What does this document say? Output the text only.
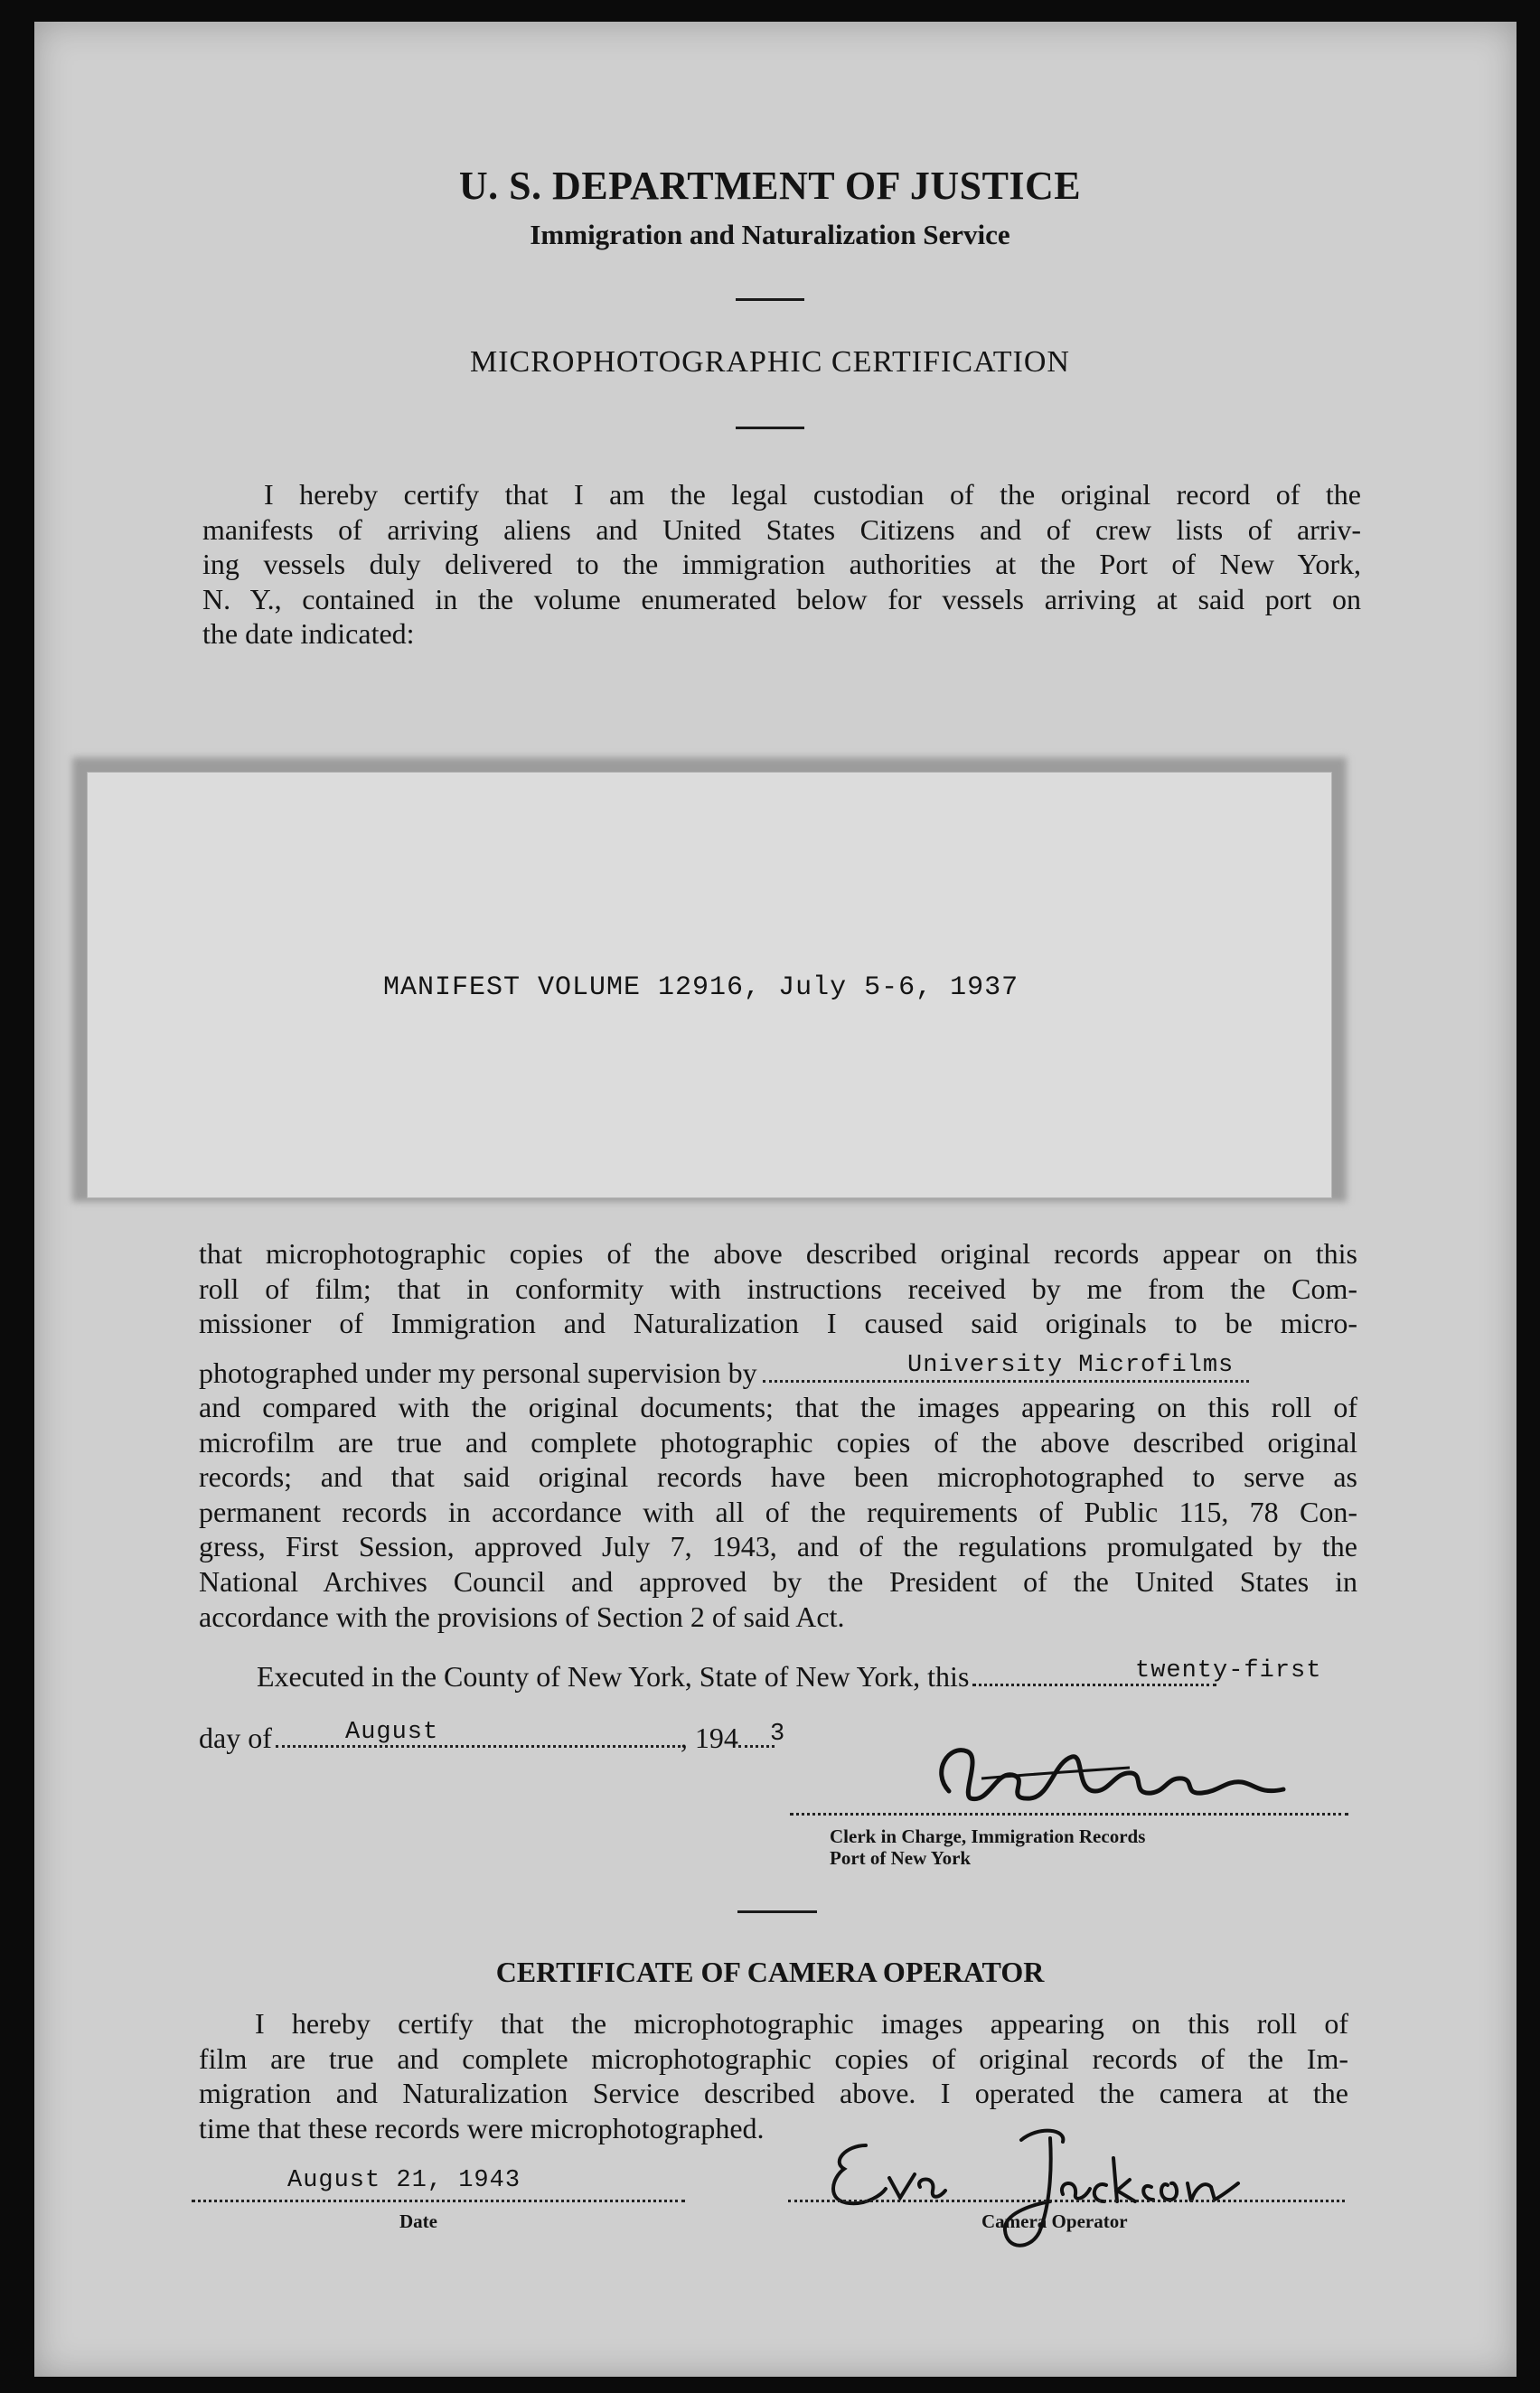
U. S. DEPARTMENT OF JUSTICE
Immigration and Naturalization Service
MICROPHOTOGRAPHIC CERTIFICATION
I hereby certify that I am the legal custodian of the original record of the
manifests of arriving aliens and United States Citizens and of crew lists of arriv-
ing vessels duly delivered to the immigration authorities at the Port of New York,
N. Y., contained in the volume enumerated below for vessels arriving at said port on
the date indicated:
MANIFEST VOLUME 12916, July 5-6, 1937
that microphotographic copies of the above described original records appear on this
roll of film; that in conformity with instructions received by me from the Com-
missioner of Immigration and Naturalization I caused said originals to be micro-
photographed under my personal supervision by	University Microfilms
and compared with the original documents; that the images appearing on this roll of
microfilm are true and complete photographic copies of the above described original
records; and that said original records have been microphotographed to serve as
permanent records in accordance with all of the requirements of Public 115, 78 Con-
gress, First Session, approved July 7, 1943, and of the regulations promulgated by the
National Archives Council and approved by the President of the United States in
accordance with the provisions of Section 2 of said Act.
Executed in the County of New York, State of New York, this	twenty-first
day of	, 194
August	3
Clerk in Charge, Immigration Records
Port of New York
CERTIFICATE OF CAMERA OPERATOR
I hereby certify that the microphotographic images appearing on this roll of
film are true and complete microphotographic copies of original records of the Im-
migration and Naturalization Service described above. I operated the camera at the
time that these records were microphotographed.
August 21, 1943
Date	Camera Operator
